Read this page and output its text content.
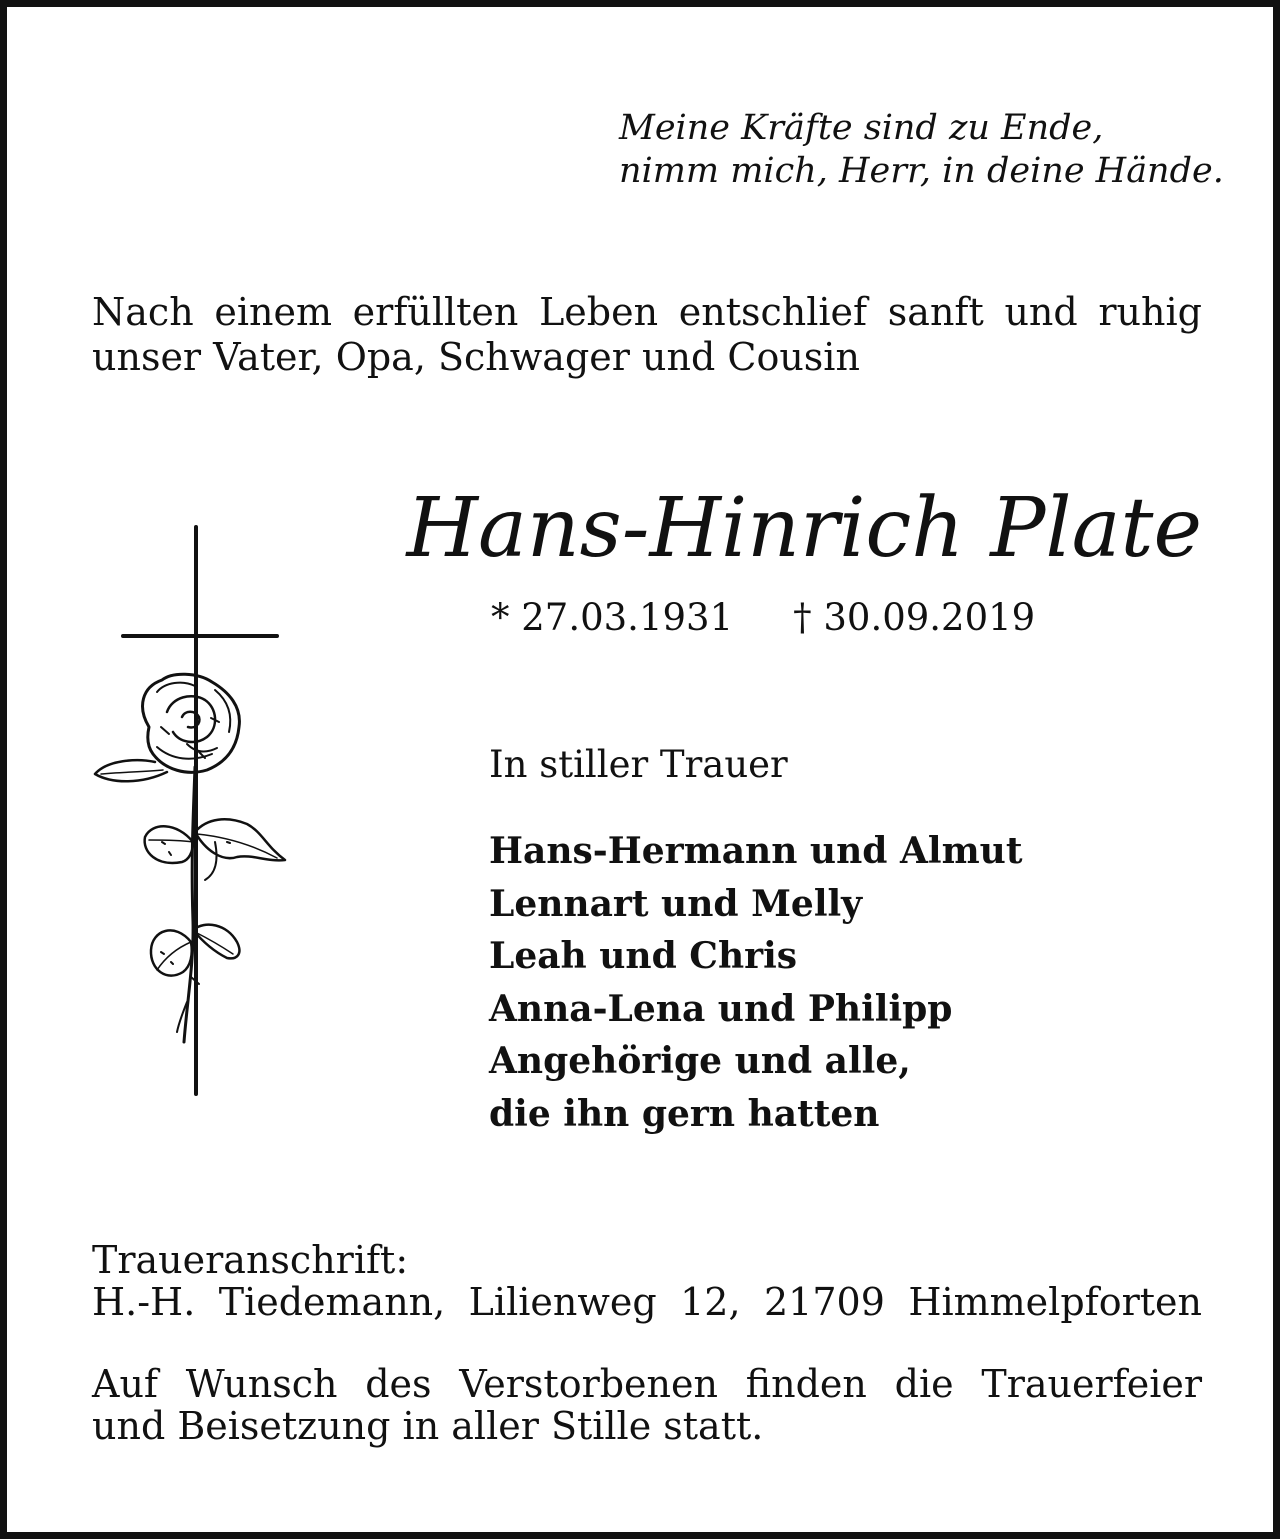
Meine Kräfte sind zu Ende,
nimm mich, Herr, in deine Hände.
Nach einem erfüllten Leben entschlief sanft und ruhig
unser Vater, Opa, Schwager und Cousin
Hans-Hinrich Plate
* 27.03.1931 † 30.09.2019
In stiller Trauer
Hans-Hermann und Almut
Lennart und Melly
Leah und Chris
Anna-Lena und Philipp
Angehörige und alle,
die ihn gern hatten
Traueranschrift:
H.-H. Tiedemann, Lilienweg 12, 21709 Himmelpforten
Auf Wunsch des Verstorbenen finden die Trauerfeier
und Beisetzung in aller Stille statt.
